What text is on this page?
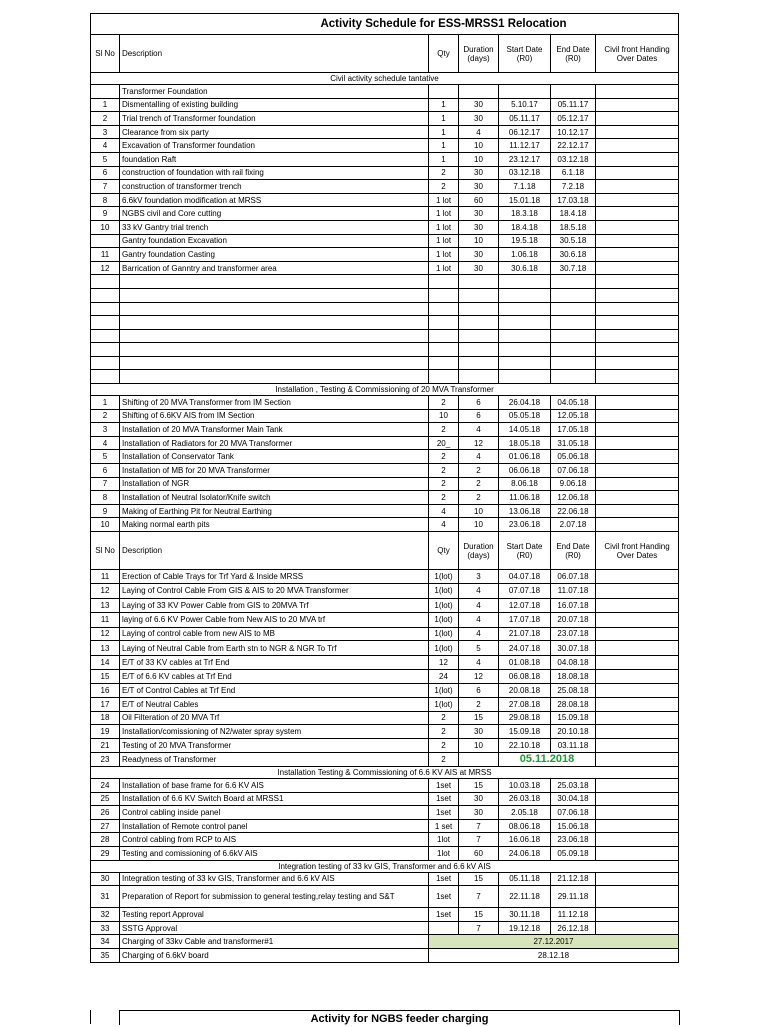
Activity Schedule for ESS-MRSS1 Relocation						
Sl No	Description	Qty	Duration (days)	Start Date (R0)	End Date (R0)	Civil front Handing Over Dates
Civil activity schedule tantative						
	Transformer Foundation					
1	Dismentalling of existing building	1	30	5.10.17	05.11.17	
2	Trial trench of Transformer foundation	1	30	05.11.17	05.12.17	
3	Clearance from six party	1	4	06.12.17	10.12.17	
4	Excavation of Transformer foundation	1	10	11.12.17	22.12.17	
5	foundation Raft	1	10	23.12.17	03.12.18	
6	construction of foundation with rail fixing	2	30	03.12.18	6.1.18	
7	construction of transformer trench	2	30	7.1.18	7.2.18	
8	6.6kV foundation modification at MRSS	1 lot	60	15.01.18	17.03.18	
9	NGBS civil and Core cutting	1 lot	30	18.3.18	18.4.18	
10	33 kV Gantry trial trench	1 lot	30	18.4.18	18.5.18	
	Gantry foundation Excavation	1 lot	10	19.5.18	30.5.18	
11	Gantry foundation Casting	1 lot	30	1.06.18	30.6.18	
12	Barrication of Ganntry and transformer area	1 lot	30	30.6.18	30.7.18	

Installation , Testing & Commissioning of 20 MVA Transformer						
1	Shifting of 20 MVA Transformer from IM Section	2	6	26.04.18	04.05.18	
2	Shifting of 6.6KV AIS from IM Section	10	6	05.05.18	12.05.18	
3	Installation of 20 MVA Transformer Main Tank	2	4	14.05.18	17.05.18	
4	Installation of Radiators for 20 MVA Transformer	20_	12	18.05.18	31.05.18	
5	Installation of Conservator Tank	2	4	01.06.18	05.06.18	
6	Installation of MB for 20 MVA Transformer	2	2	06.06.18	07.06.18	
7	Installation of NGR	2	2	8.06.18	9.06.18	
8	Installation of Neutral Isolator/Knife switch	2	2	11.06.18	12.06.18	
9	Making of Earthing Pit for Neutral Earthing	4	10	13.06.18	22.06.18	
10	Making normal earth pits	4	10	23.06.18	2.07.18	
Sl No	Description	Qty	Duration (days)	Start Date (R0)	End Date (R0)	Civil front Handing Over Dates
11	Erection of Cable Trays for Trf Yard & Inside MRSS	1(lot)	3	04.07.18	06.07.18	
12	Laying of Control Cable From GIS & AIS to 20 MVA Transformer	1(lot)	4	07.07.18	11.07.18	
13	Laying of 33 KV Power Cable from GIS to 20MVA Trf	1(lot)	4	12.07.18	16.07.18	
11	laying of 6.6 KV Power Cable from New AIS to 20 MVA trf	1(lot)	4	17.07.18	20.07.18	
12	Laying of control cable from new AIS to MB	1(lot)	4	21.07.18	23.07.18	
13	Laying of Neutral Cable from Earth stn to NGR & NGR To Trf	1(lot)	5	24.07.18	30.07.18	
14	E/T of 33 KV cables at Trf End	12	4	01.08.18	04.08.18	
15	E/T of 6.6 KV cables at Trf End	24	12	06.08.18	18.08.18	
16	E/T of Control Cables at Trf End	1(lot)	6	20.08.18	25.08.18	
17	E/T of Neutral Cables	1(lot)	2	27.08.18	28.08.18	
18	Oil Filteration of 20 MVA Trf	2	15	29.08.18	15.09.18	
19	Installation/comissioning of N2/water spray system	2	30	15.09.18	20.10.18	
21	Testing of 20 MVA Transformer	2	10	22.10.18	03.11.18	
23	Readyness of Transformer	2		05.11.2018		
Installation Testing & Commissioning of 6.6 KV AIS at MRSS						
24	Installation of base frame for 6.6 KV AIS	1set	15	10.03.18	25.03.18	
25	Installation of 6.6 KV Switch Board at MRSS1	1set	30	26.03.18	30.04.18	
26	Control cabling inside panel	1set	30	2.05.18	07.06.18	
27	Installation of Remote control panel	1 set	7	08.06.18	15.06.18	
28	Control cabling from RCP to AIS	1lot	7	16.06.18	23.06.18	
29	Testing and comissioning of 6.6kV AIS	1lot	60	24.06.18	05.09.18	
Integration testing of 33 kv GIS, Transformer and 6.6 kV AIS						
30	Integration testing of 33 kv GIS, Transformer and 6.6 kV AIS	1set	15	05.11.18	21.12.18	
31	Preparation of Report for submission to general testing,relay testing and S&T	1set	7	22.11.18	29.11.18	
32	Testing report Approval	1set	15	30.11.18	11.12.18	
33	SSTG Approval		7	19.12.18	26.12.18	
34	Charging of 33kv Cable and transformer#1	27.12.2017				
35	Charging of 6.6kV board	28.12.18				
Activity for NGBS feeder charging
